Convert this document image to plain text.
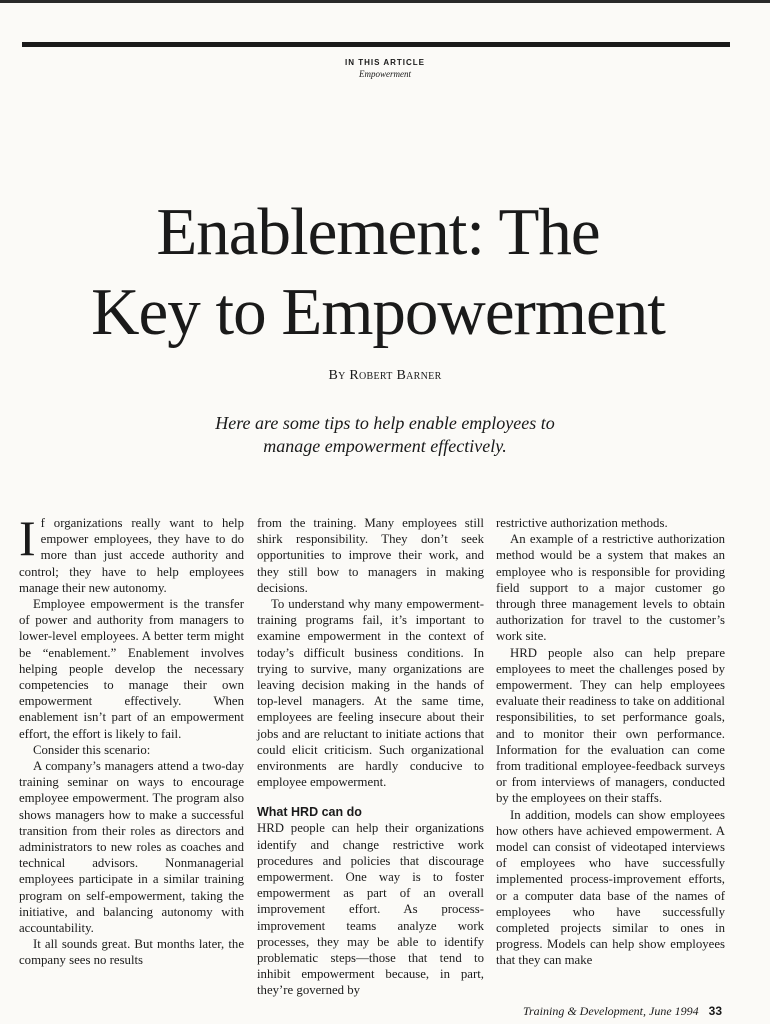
IN THIS ARTICLE
Empowerment
Enablement: The
Key to Empowerment
By Robert Barner
Here are some tips to help enable employees to
manage empowerment effectively.

If organizations really want to help empower employees, they have to do more than just accede authority and control; they have to help employees manage their new autonomy.

Employee empowerment is the transfer of power and authority from managers to lower-level employees. A better term might be “enablement.” Enablement involves helping people develop the necessary competencies to manage their own empowerment effectively. When enablement isn’t part of an empowerment effort, the effort is likely to fail.

Consider this scenario:

A company’s managers attend a two-day training seminar on ways to encourage employee empowerment. The program also shows managers how to make a successful transition from their roles as directors and administrators to new roles as coaches and technical advisors. Nonmanagerial employees participate in a similar training program on self-empowerment, taking the initiative, and balancing autonomy with accountability.

It all sounds great. But months later, the company sees no results

from the training. Many employees still shirk responsibility. They don’t seek opportunities to improve their work, and they still bow to managers in making decisions.

To understand why many empowerment-training programs fail, it’s important to examine empowerment in the context of today’s difficult business conditions. In trying to survive, many organizations are leaving decision making in the hands of top-level managers. At the same time, employees are feeling insecure about their jobs and are reluctant to initiate actions that could elicit criticism. Such organizational environments are hardly conducive to employee empowerment.

What HRD can do

HRD people can help their organizations identify and change restrictive work procedures and policies that discourage empowerment. One way is to foster empowerment as part of an overall improvement effort. As process-improvement teams analyze work processes, they may be able to identify problematic steps—those that tend to inhibit empowerment because, in part, they’re governed by

restrictive authorization methods.

An example of a restrictive authorization method would be a system that makes an employee who is responsible for providing field support to a major customer go through three management levels to obtain authorization for travel to the customer’s work site.

HRD people also can help prepare employees to meet the challenges posed by empowerment. They can help employees evaluate their readiness to take on additional responsibilities, to set performance goals, and to monitor their own performance. Information for the evaluation can come from traditional employee-feedback surveys or from interviews of managers, conducted by the employees on their staffs.

In addition, models can show employees how others have achieved empowerment. A model can consist of videotaped interviews of employees who have successfully implemented process-improvement efforts, or a computer data base of the names of employees who have successfully completed projects similar to ones in progress. Models can help show employees that they can make

Training & Development, June 1994 33
